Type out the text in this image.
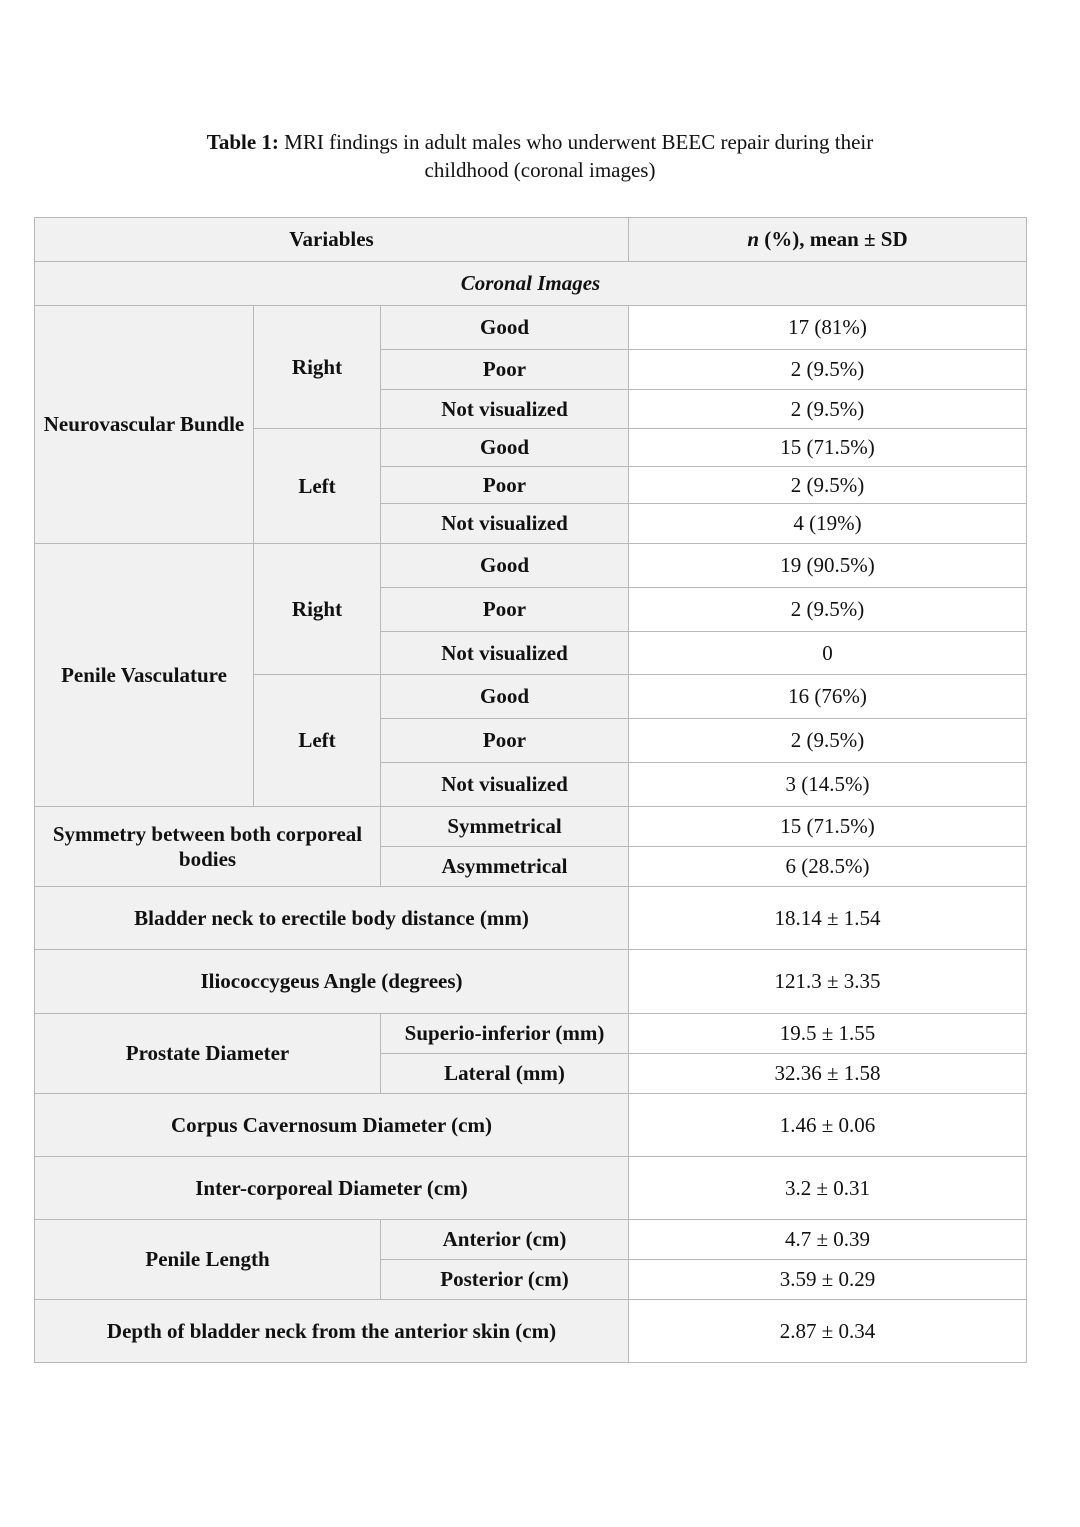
Table 1: MRI findings in adult males who underwent BEEC repair during their
childhood (coronal images)
Variables			n (%), mean ± SD
Coronal Images			
Neurovascular Bundle	Right	Good	17 (81%)
		Poor	2 (9.5%)
		Not visualized	2 (9.5%)
	Left	Good	15 (71.5%)
		Poor	2 (9.5%)
		Not visualized	4 (19%)
Penile Vasculature	Right	Good	19 (90.5%)
		Poor	2 (9.5%)
		Not visualized	0
	Left	Good	16 (76%)
		Poor	2 (9.5%)
		Not visualized	3 (14.5%)
Symmetry between both corporeal bodies		Symmetrical	15 (71.5%)
		Asymmetrical	6 (28.5%)
Bladder neck to erectile body distance (mm)			18.14 ± 1.54
Iliococcygeus Angle (degrees)			121.3 ± 3.35
Prostate Diameter		Superio-inferior (mm)	19.5 ± 1.55
		Lateral (mm)	32.36 ± 1.58
Corpus Cavernosum Diameter (cm)			1.46 ± 0.06
Inter-corporeal Diameter (cm)			3.2 ± 0.31
Penile Length		Anterior (cm)	4.7 ± 0.39
		Posterior (cm)	3.59 ± 0.29
Depth of bladder neck from the anterior skin (cm)			2.87 ± 0.34
